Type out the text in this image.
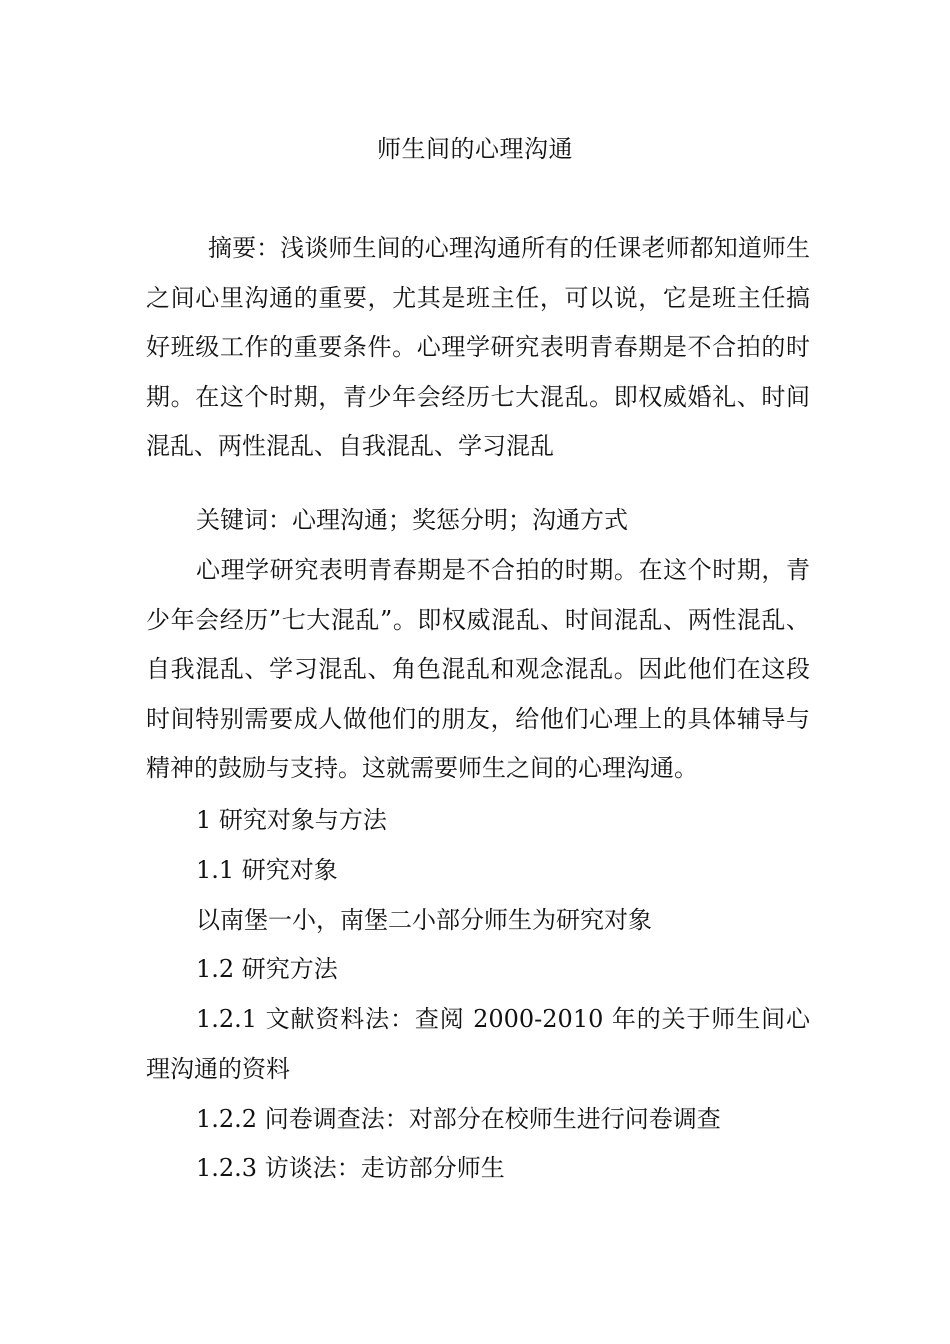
师生间的心理沟通

摘要：浅谈师生间的心理沟通所有的任课老师都知道师生之间心里沟通的重要，尤其是班主任，可以说，它是班主任搞好班级工作的重要条件。心理学研究表明青春期是不合拍的时期。在这个时期，青少年会经历七大混乱。即权威婚礼、时间混乱、两性混乱、自我混乱、学习混乱

关键词：心理沟通；奖惩分明；沟通方式

心理学研究表明青春期是不合拍的时期。在这个时期，青少年会经历”七大混乱”。即权威混乱、时间混乱、两性混乱、自我混乱、学习混乱、角色混乱和观念混乱。因此他们在这段时间特别需要成人做他们的朋友，给他们心理上的具体辅导与精神的鼓励与支持。这就需要师生之间的心理沟通。

1 研究对象与方法

1.1 研究对象

以南堡一小，南堡二小部分师生为研究对象

1.2 研究方法

1.2.1 文献资料法：查阅 2000-2010 年的关于师生间心理沟通的资料

1.2.2 问卷调查法：对部分在校师生进行问卷调查

1.2.3 访谈法：走访部分师生
